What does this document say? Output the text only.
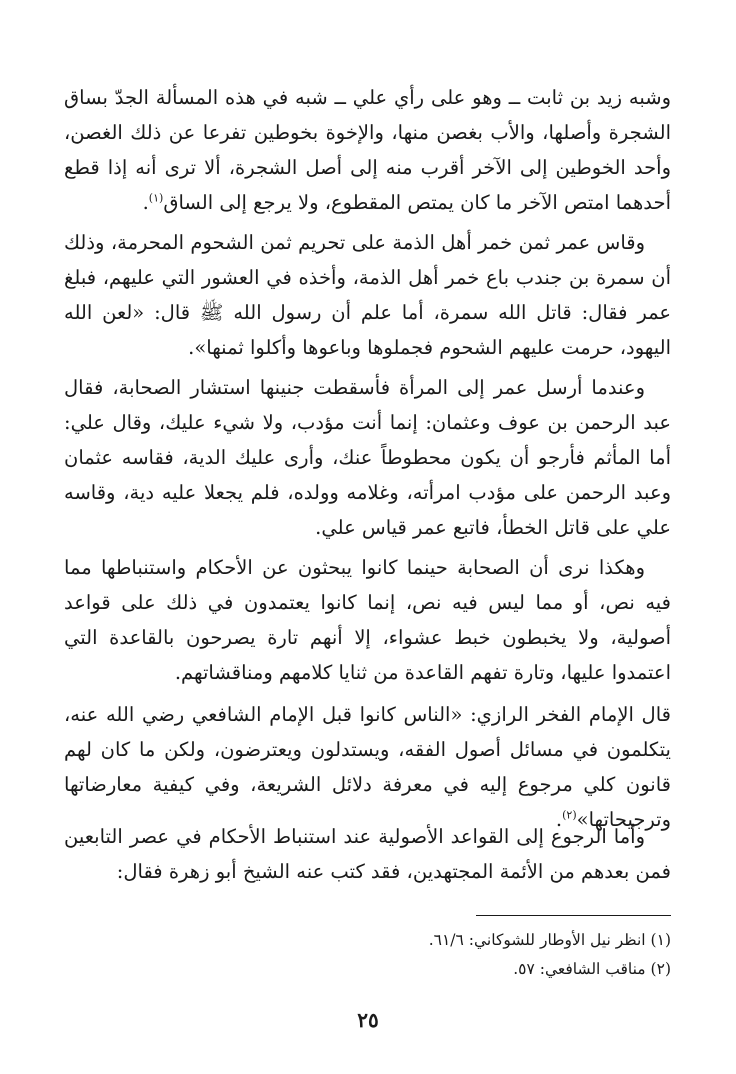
وشبه زيد بن ثابت ــ وهو على رأي علي ــ شبه في هذه المسألة الجدّ بساق الشجرة وأصلها، والأب بغصن منها، والإخوة بخوطين تفرعا عن ذلك الغصن، وأحد الخوطين إلى الآخر أقرب منه إلى أصل الشجرة، ألا ترى أنه إذا قطع أحدهما امتص الآخر ما كان يمتص المقطوع، ولا يرجع إلى الساق$^{(١)}$.

وقاس عمر ثمن خمر أهل الذمة على تحريم ثمن الشحوم المحرمة، وذلك أن سمرة بن جندب باع خمر أهل الذمة، وأخذه في العشور التي عليهم، فبلغ عمر فقال: قاتل الله سمرة، أما علم أن رسول الله ﷺ قال: «لعن الله اليهود، حرمت عليهم الشحوم فجملوها وباعوها وأكلوا ثمنها».

وعندما أرسل عمر إلى المرأة فأسقطت جنينها استشار الصحابة، فقال عبد الرحمن بن عوف وعثمان: إنما أنت مؤدب، ولا شيء عليك، وقال علي: أما المأثم فأرجو أن يكون محطوطاً عنك، وأرى عليك الدية، فقاسه عثمان وعبد الرحمن على مؤدب امرأته، وغلامه وولده، فلم يجعلا عليه دية، وقاسه علي على قاتل الخطأ، فاتبع عمر قياس علي.

وهكذا نرى أن الصحابة حينما كانوا يبحثون عن الأحكام واستنباطها مما فيه نص، أو مما ليس فيه نص، إنما كانوا يعتمدون في ذلك على قواعد أصولية، ولا يخبطون خبط عشواء، إلا أنهم تارة يصرحون بالقاعدة التي اعتمدوا عليها، وتارة تفهم القاعدة من ثنايا كلامهم ومناقشاتهم.

قال الإمام الفخر الرازي: «الناس كانوا قبل الإمام الشافعي رضي الله عنه، يتكلمون في مسائل أصول الفقه، ويستدلون ويعترضون، ولكن ما كان لهم قانون كلي مرجوع إليه في معرفة دلائل الشريعة، وفي كيفية معارضاتها وترجيحاتها»$^{(٢)}$.

وأما الرجوع إلى القواعد الأصولية عند استنباط الأحكام في عصر التابعين فمن بعدهم من الأئمة المجتهدين، فقد كتب عنه الشيخ أبو زهرة فقال:

(١) انظر نيل الأوطار للشوكاني: ٦١/٦.

(٢) مناقب الشافعي: ٥٧.

٢٥
